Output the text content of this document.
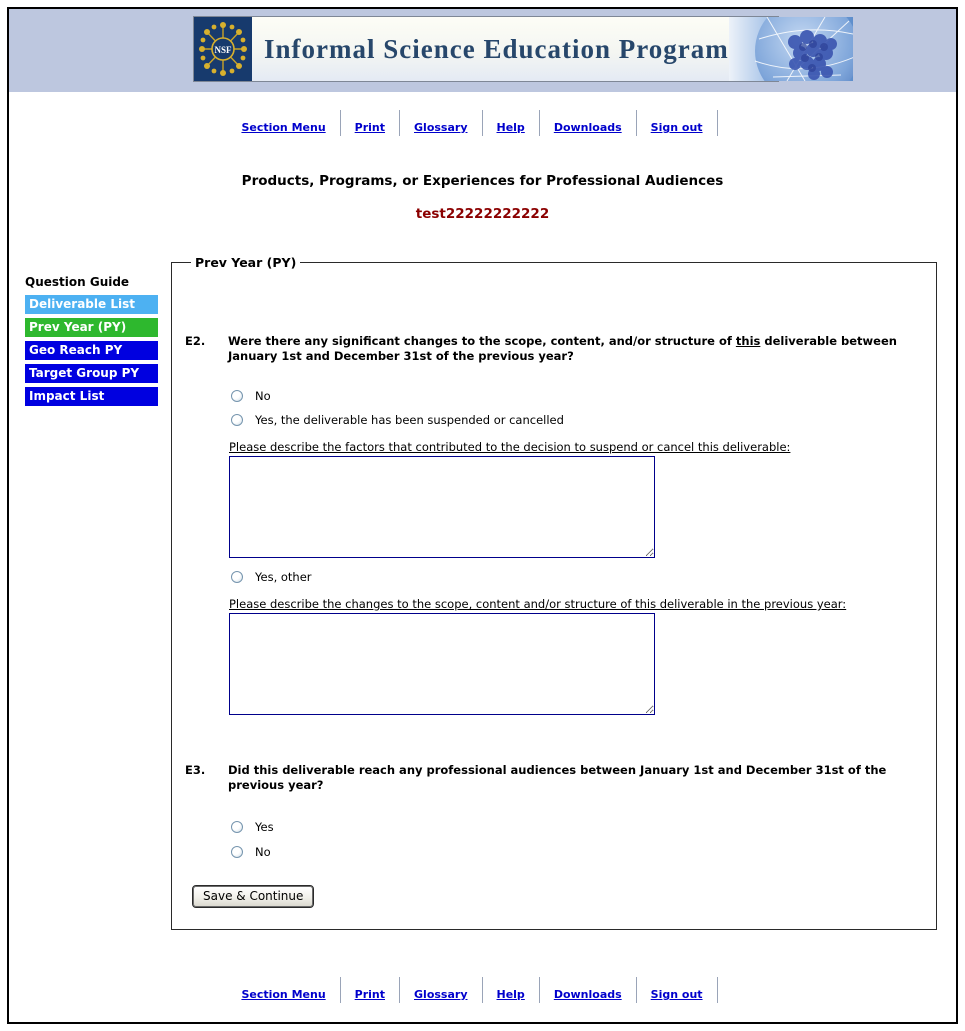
NSF Informal Science Education Program
Section Menu	Print	Glossary	Help	Downloads	Sign out
Products, Programs, or Experiences for Professional Audiences
test22222222222
Question Guide
Deliverable List
Prev Year (PY)
Geo Reach PY
Target Group PY
Impact List
Prev Year (PY)
E2.	Were there any significant changes to the scope, content, and/or structure of this deliverable between January 1st and December 31st of the previous year?
No
Yes, the deliverable has been suspended or cancelled
Please describe the factors that contributed to the decision to suspend or cancel this deliverable:
Yes, other
Please describe the changes to the scope, content and/or structure of this deliverable in the previous year:
E3.	Did this deliverable reach any professional audiences between January 1st and December 31st of the previous year?
Yes
No
Save & Continue
Section Menu	Print	Glossary	Help	Downloads	Sign out
